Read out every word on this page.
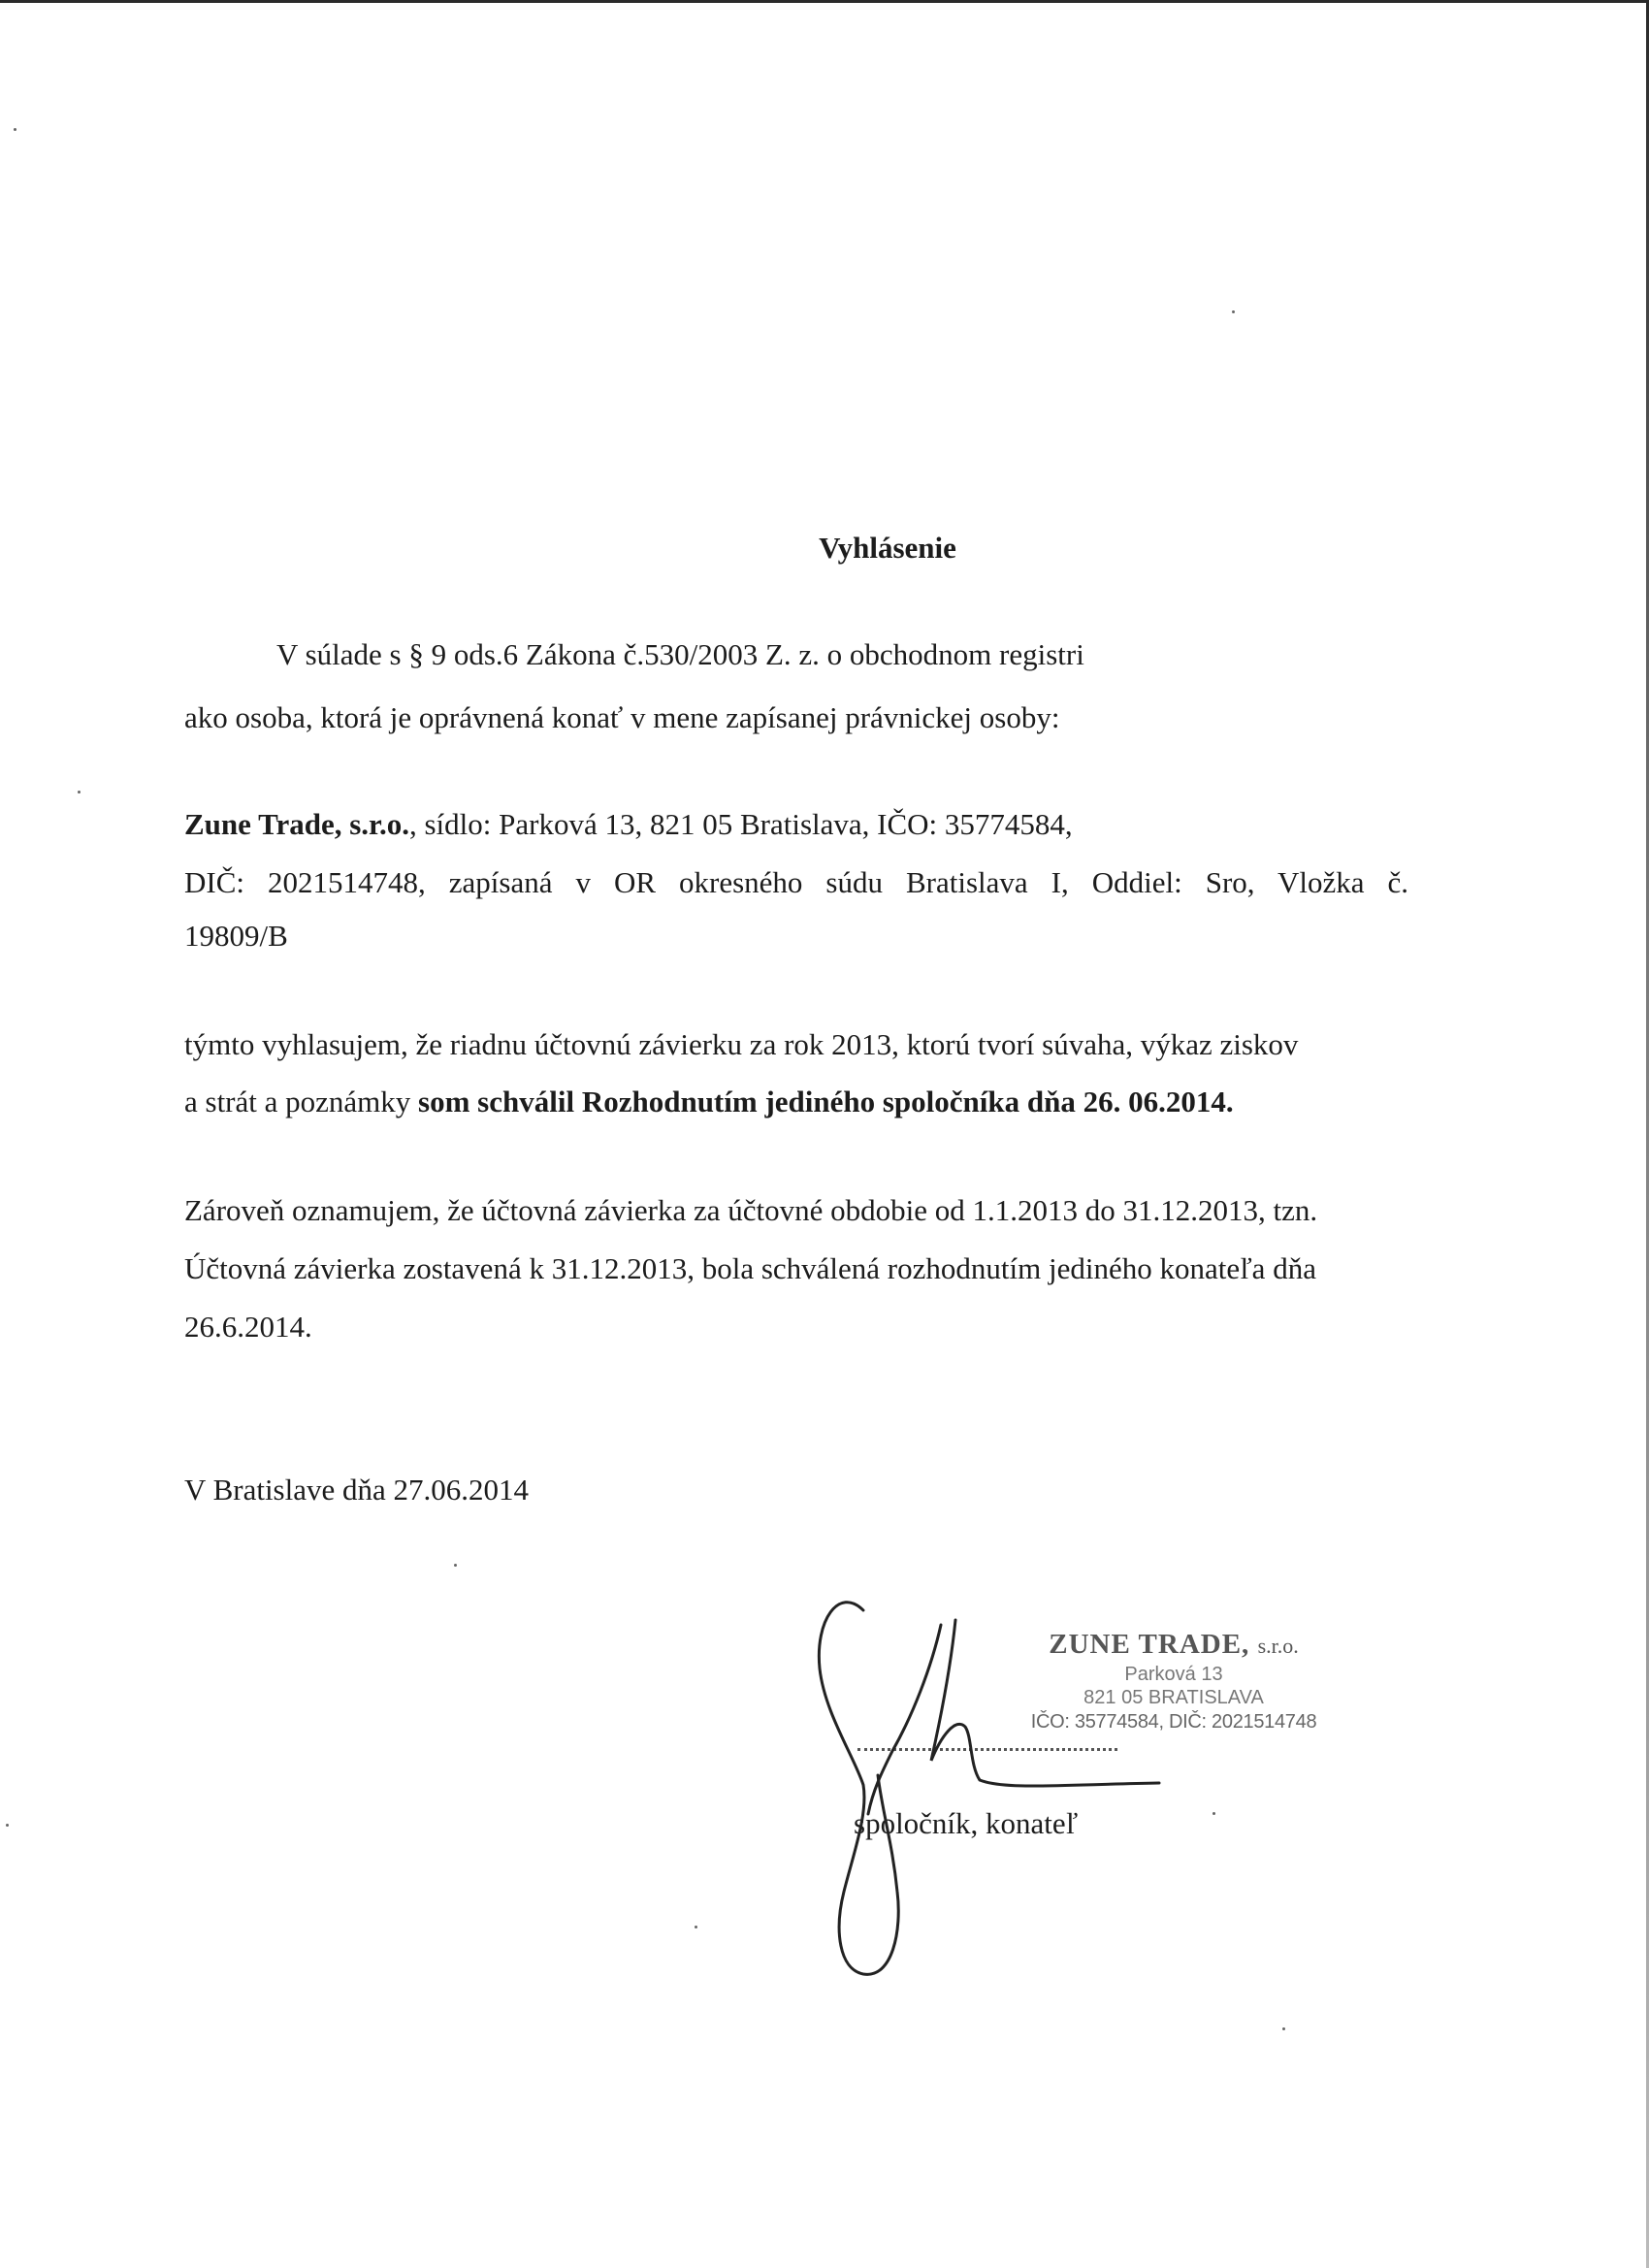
Vyhlásenie
V súlade s § 9 ods.6 Zákona č.530/2003 Z. z. o obchodnom registri
ako osoba, ktorá je oprávnená konať v mene zapísanej právnickej osoby:
Zune Trade, s.r.o., sídlo: Parková 13, 821 05 Bratislava, IČO: 35774584,
DIČ: 2021514748, zapísaná v OR okresného súdu Bratislava I, Oddiel: Sro, Vložka č.
19809/B
týmto vyhlasujem, že riadnu účtovnú závierku za rok 2013, ktorú tvorí súvaha, výkaz ziskov
a strát a poznámky som schválil Rozhodnutím jediného spoločníka dňa 26. 06.2014.
Zároveň oznamujem, že účtovná závierka za účtovné obdobie od 1.1.2013 do 31.12.2013, tzn.
Účtovná závierka zostavená k 31.12.2013, bola schválená rozhodnutím jediného konateľa dňa
26.6.2014.
V Bratislave dňa 27.06.2014
ZUNE TRADE, s.r.o.
Parková 13
821 05 BRATISLAVA
IČO: 35774584, DIČ: 2021514748
spoločník, konateľ
